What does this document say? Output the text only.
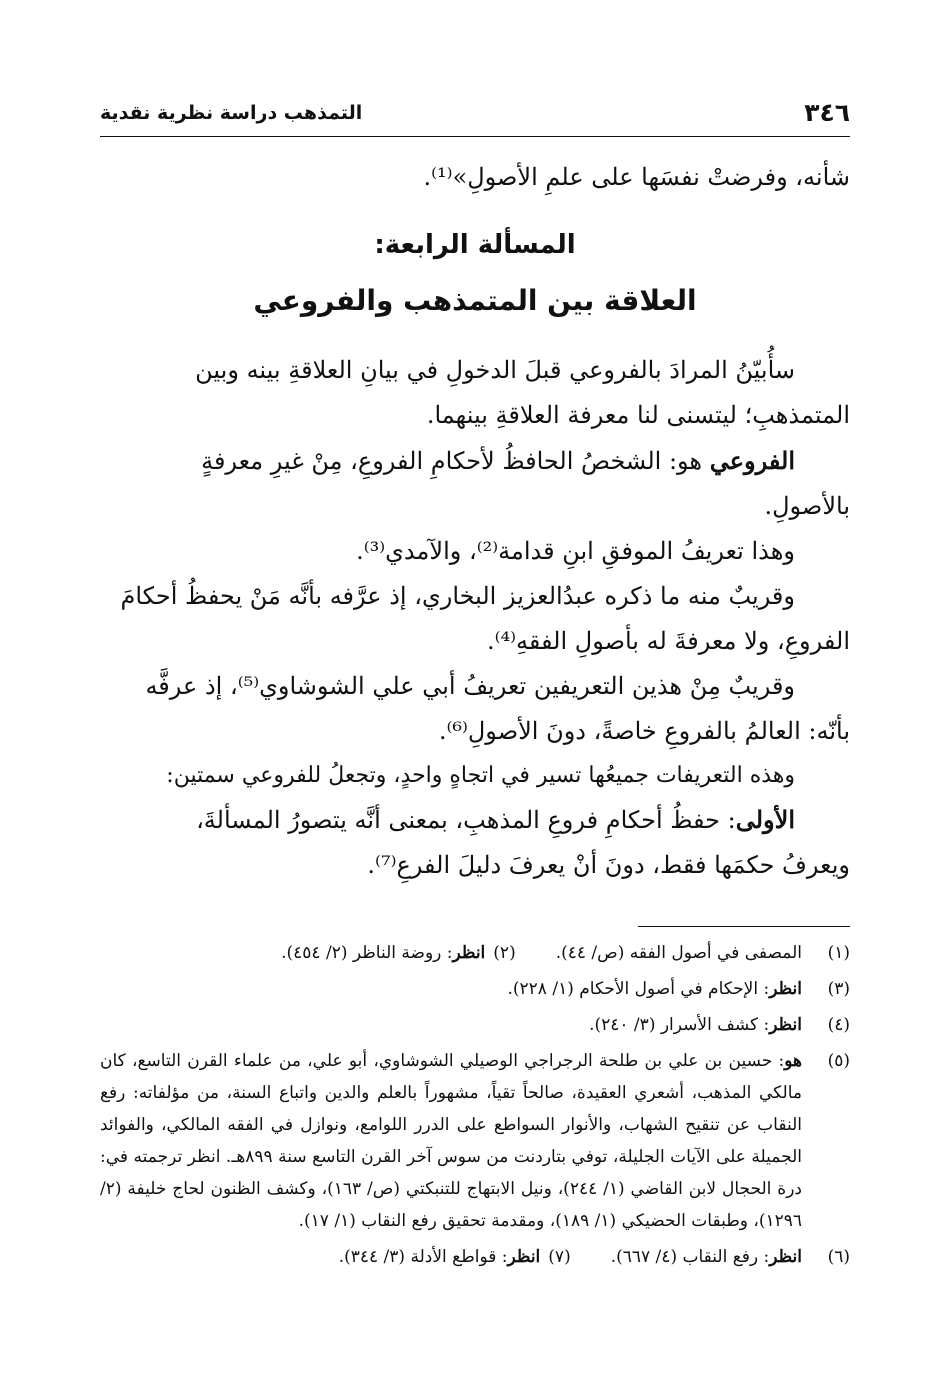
٣٤٦
التمذهب دراسة نظرية نقدية

شأنه، وفرضتْ نفسَها على علمِ الأصولِ»⁽¹⁾.

المسألة الرابعة:
العلاقة بين المتمذهب والفروعي

سأُبيّنُ المرادَ بالفروعي قبلَ الدخولِ في بيانِ العلاقةِ بينه وبين

المتمذهبِ؛ ليتسنى لنا معرفة العلاقةِ بينهما.

الفروعي هو: الشخصُ الحافظُ لأحكامِ الفروعِ، مِنْ غيرِ معرفةٍ

بالأصولِ.

وهذا تعريفُ الموفقِ ابنِ قدامة⁽²⁾، والآمدي⁽³⁾.

وقريبٌ منه ما ذكره عبدُالعزيز البخاري، إذ عرَّفه بأنَّه مَنْ يحفظُ أحكامَ

الفروعِ، ولا معرفةَ له بأصولِ الفقهِ⁽⁴⁾.

وقريبٌ مِنْ هذين التعريفين تعريفُ أبي علي الشوشاوي⁽⁵⁾، إذ عرفَّه

بأنّه: العالمُ بالفروعِ خاصةً، دونَ الأصولِ⁽⁶⁾.

وهذه التعريفات جميعُها تسير في اتجاهٍ واحدٍ، وتجعلُ للفروعي سمتين:

الأولى: حفظُ أحكامِ فروعِ المذهبِ، بمعنى أنَّه يتصورُ المسألةَ،

ويعرفُ حكمَها فقط، دونَ أنْ يعرفَ دليلَ الفرعِ⁽⁷⁾.

(١)
المصفى في أصول الفقه (ص/ ٤٤).(٢)انظر: روضة الناظر (٢/ ٤٥٤).
(٣)
انظر: الإحكام في أصول الأحكام (١/ ٢٢٨).
(٤)
انظر: كشف الأسرار (٣/ ٢٤٠).
(٥)
هو: حسين بن علي بن طلحة الرجراجي الوصيلي الشوشاوي، أبو علي، من علماء القرن التاسع، كان مالكي المذهب، أشعري العقيدة، صالحاً تقياً، مشهوراً بالعلم والدين واتباع السنة، من مؤلفاته: رفع النقاب عن تنقيح الشهاب، والأنوار السواطع على الدرر اللوامع، ونوازل في الفقه المالكي، والفوائد الجميلة على الآيات الجليلة، توفي بتاردنت من سوس آخر القرن التاسع سنة ٨٩٩هـ. انظر ترجمته في: درة الحجال لابن القاضي (١/ ٢٤٤)، ونيل الابتهاج للتنبكتي (ص/ ١٦٣)، وكشف الظنون لحاج خليفة (٢/ ١٢٩٦)، وطبقات الحضيكي (١/ ١٨٩)، ومقدمة تحقيق رفع النقاب (١/ ١٧).
(٦)
انظر: رفع النقاب (٤/ ٦٦٧).(٧)انظر: قواطع الأدلة (٣/ ٣٤٤).
